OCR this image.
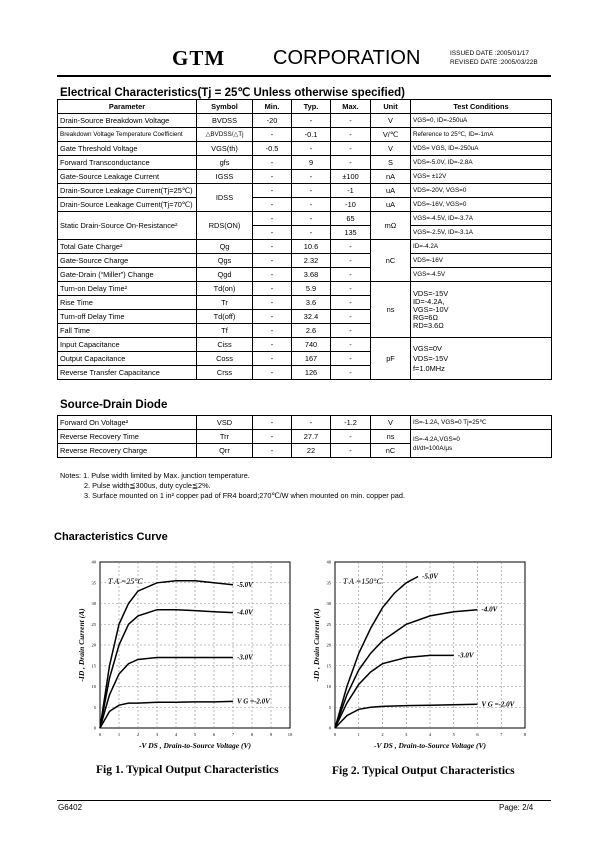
GTM CORPORATION	ISSUED DATE :2005/01/17
REVISED DATE :2005/03/22B
Electrical Characteristics(Tj = 25℃ Unless otherwise specified)
Parameter	Symbol	Min.	Typ.	Max.	Unit	Test Conditions
Drain-Source Breakdown Voltage	BVDSS	-20	-	-	V	VGS=0, ID=-250uA
Breakdown Voltage Temperature Coefficient	△BVDSS/△Tj	-	-0.1	-	V/℃	Reference to 25℃, ID=-1mA
Gate Threshold Voltage	VGS(th)	-0.5	-	-	V	VDS= VGS, ID=-250uA
Forward Transconductance	gfs	-	9	-	S	VDS=-5.0V, ID=-2.8A
Gate-Source Leakage Current	IGSS	-	-	±100	nA	VGS= ±12V
Drain-Source Leakage Current(Tj=25℃)	IDSS	-	-	-1	uA	VDS=-20V, VGS=0
Drain-Source Leakage Current(Tj=70℃)		-	-	-10	uA	VDS=-16V, VGS=0
Static Drain-Source On-Resistance²	RDS(ON)	-	-	65	mΩ	VGS=-4.5V, ID=-3.7A
		-	-	135		VGS=-2.5V, ID=-3.1A
Total Gate Charge²	Qg	-	10.6	-	nC	ID=-4.2A
Gate-Source Charge	Qgs	-	2.32	-		VDS=-16V
Gate-Drain (“Miller”) Change	Qgd	-	3.68	-		VGS=-4.5V
Turn-on Delay Time²	Td(on)	-	5.9	-	ns	VDS=-15V
ID=-4.2A,
VGS=-10V
RG=6Ω
RD=3.6Ω

Rise Time	Tr	-	3.6	-		
Turn-off Delay Time	Td(off)	-	32.4	-		
Fall Time	Tf	-	2.6	-		
Input Capacitance	Ciss	-	740	-	pF	VGS=0V
VDS=-15V
f=1.0MHz

Output Capacitance	Coss	-	167	-		
Reverse Transfer Capacitance	Crss	-	126	-		
Source-Drain Diode
Forward On Voltage²	VSD	-	-	-1.2	V	IS=-1.2A, VGS=0 Tj=25℃
Reverse Recovery Time	Trr	-	27.7	-	ns	IS=-4.2A,VGS=0
dI/dt=100A/μs

Reverse Recovery Charge	Qrr	-	22	-	nC	
Notes: 1. Pulse width limited by Max. junction temperature.
2. Pulse width≦300us, duty cycle≦2%.
3. Surface mounted on 1 in² copper pad of FR4 board;270℃/W when mounted on min. copper pad.
Characteristics Curve
0	1	2	3	4	5	6	7	8	9	10
0
5
10
15
20
25
30
35
40
-5.0V
-4.0V
-3.0V
V G =-2.0V
T A =25°C
-V DS , Drain-to-Source Voltage (V)
-ID , Drain Current (A)
0	1	2	3	4	5	6	7	8
0
5
10
15
20
25
30
35
40
-5.0V
-4.0V
-3.0V
V G =-2.0V
T A =150°C
-V DS , Drain-to-Source Voltage (V)
-ID , Drain Current (A)
Fig 1. Typical Output Characteristics	Fig 2. Typical Output Characteristics
G6402	Page: 2/4
